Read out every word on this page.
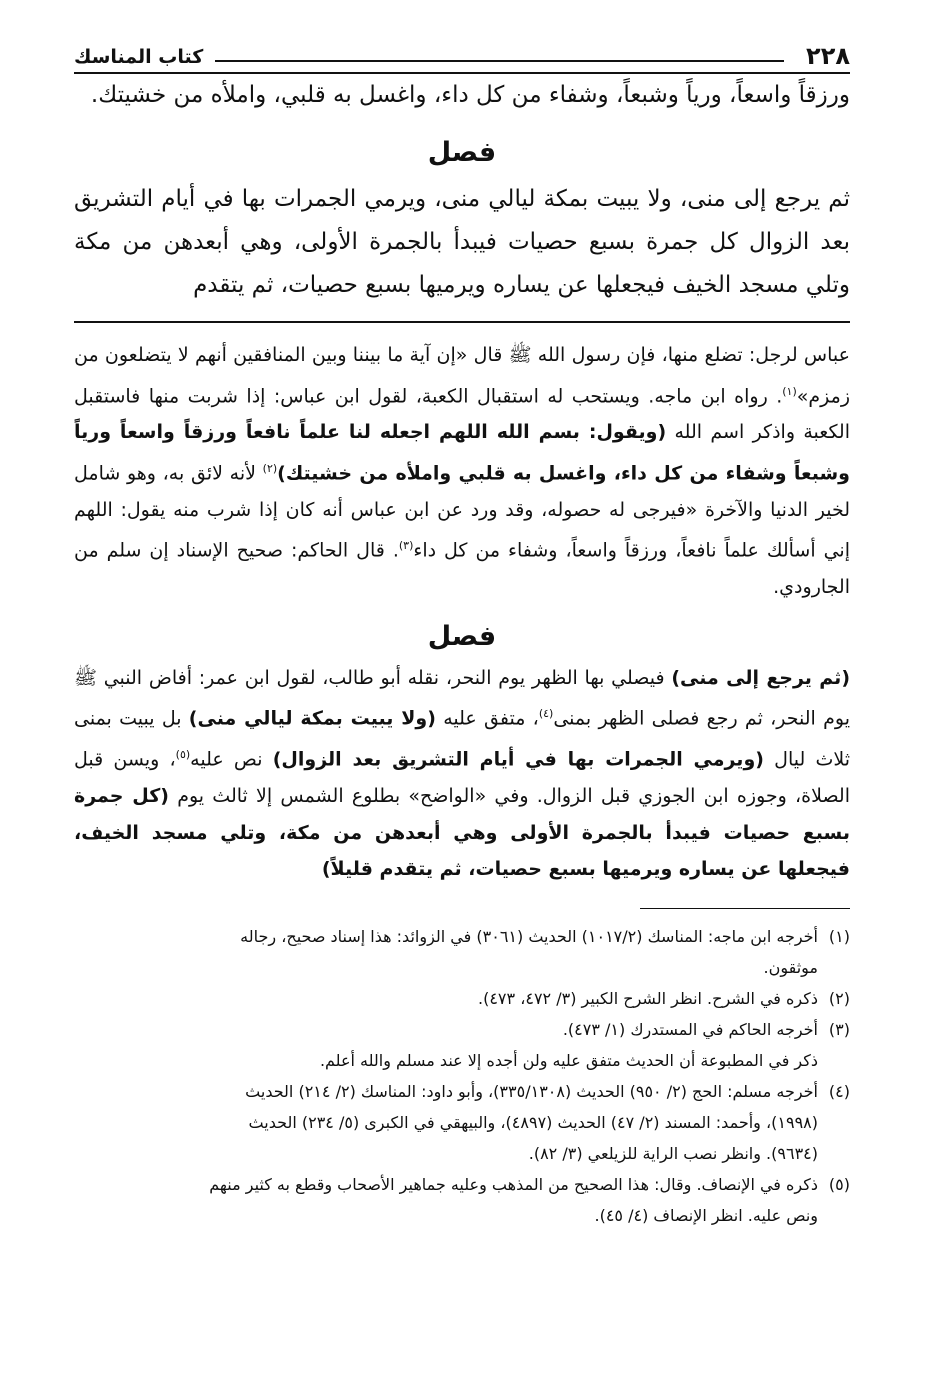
٢٢٨
كتاب المناسك

ورزقاً واسعاً، ورياً وشبعاً، وشفاء من كل داء، واغسل به قلبي، واملأه من خشيتك.

فصل

ثم يرجع إلى منى، ولا يبيت بمكة ليالي منى، ويرمي الجمرات بها في أيام التشريق بعد الزوال كل جمرة بسبع حصيات فيبدأ بالجمرة الأولى، وهي أبعدهن من مكة وتلي مسجد الخيف فيجعلها عن يساره ويرميها بسبع حصيات، ثم يتقدم

عباس لرجل: تضلع منها، فإن رسول الله ﷺ قال «إن آية ما بيننا وبين المنافقين أنهم لا يتضلعون من زمزم»$^{(١)}$. رواه ابن ماجه. ويستحب له استقبال الكعبة، لقول ابن عباس: إذا شربت منها فاستقبل الكعبة واذكر اسم الله (ويقول: بسم الله اللهم اجعله لنا علماً نافعاً ورزقاً واسعاً ورياً وشبعاً وشفاء من كل داء، واغسل به قلبي واملأه من خشيتك)$^{(٢)}$ لأنه لائق به، وهو شامل لخير الدنيا والآخرة «فيرجى له حصوله، وقد ورد عن ابن عباس أنه كان إذا شرب منه يقول: اللهم إني أسألك علماً نافعاً، ورزقاً واسعاً، وشفاء من كل داء$^{(٣)}$. قال الحاكم: صحيح الإسناد إن سلم من الجارودي.

فصل

(ثم يرجع إلى منى) فيصلي بها الظهر يوم النحر، نقله أبو طالب، لقول ابن عمر: أفاض النبي ﷺ يوم النحر، ثم رجع فصلى الظهر بمنى$^{(٤)}$، متفق عليه (ولا يبيت بمكة ليالي منى) بل يبيت بمنى ثلاث ليال (ويرمي الجمرات بها في أيام التشريق بعد الزوال) نص عليه$^{(٥)}$، ويسن قبل الصلاة، وجوزه ابن الجوزي قبل الزوال. وفي «الواضح» بطلوع الشمس إلا ثالث يوم (كل جمرة بسبع حصيات فيبدأ بالجمرة الأولى وهي أبعدهن من مكة، وتلي مسجد الخيف، فيجعلها عن يساره ويرميها بسبع حصيات، ثم يتقدم قليلاً)

(١)
أخرجه ابن ماجه: المناسك (١٠١٧/٢) الحديث (٣٠٦١) في الزوائد: هذا إسناد صحيح، رجاله
موثقون.
(٢)
ذكره في الشرح. انظر الشرح الكبير (٣/ ٤٧٢، ٤٧٣).
(٣)
أخرجه الحاكم في المستدرك (١/ ٤٧٣).
ذكر في المطبوعة أن الحديث متفق عليه ولن أجده إلا عند مسلم والله أعلم.
(٤)
أخرجه مسلم: الحج (٢/ ٩٥٠) الحديث (٣٣٥/١٣٠٨)، وأبو داود: المناسك (٢/ ٢١٤) الحديث
(١٩٩٨)، وأحمد: المسند (٢/ ٤٧) الحديث (٤٨٩٧)، والبيهقي في الكبرى (٥/ ٢٣٤) الحديث
(٩٦٣٤). وانظر نصب الراية للزيلعي (٣/ ٨٢).
(٥)
ذكره في الإنصاف. وقال: هذا الصحيح من المذهب وعليه جماهير الأصحاب وقطع به كثير منهم
ونص عليه. انظر الإنصاف (٤/ ٤٥).
